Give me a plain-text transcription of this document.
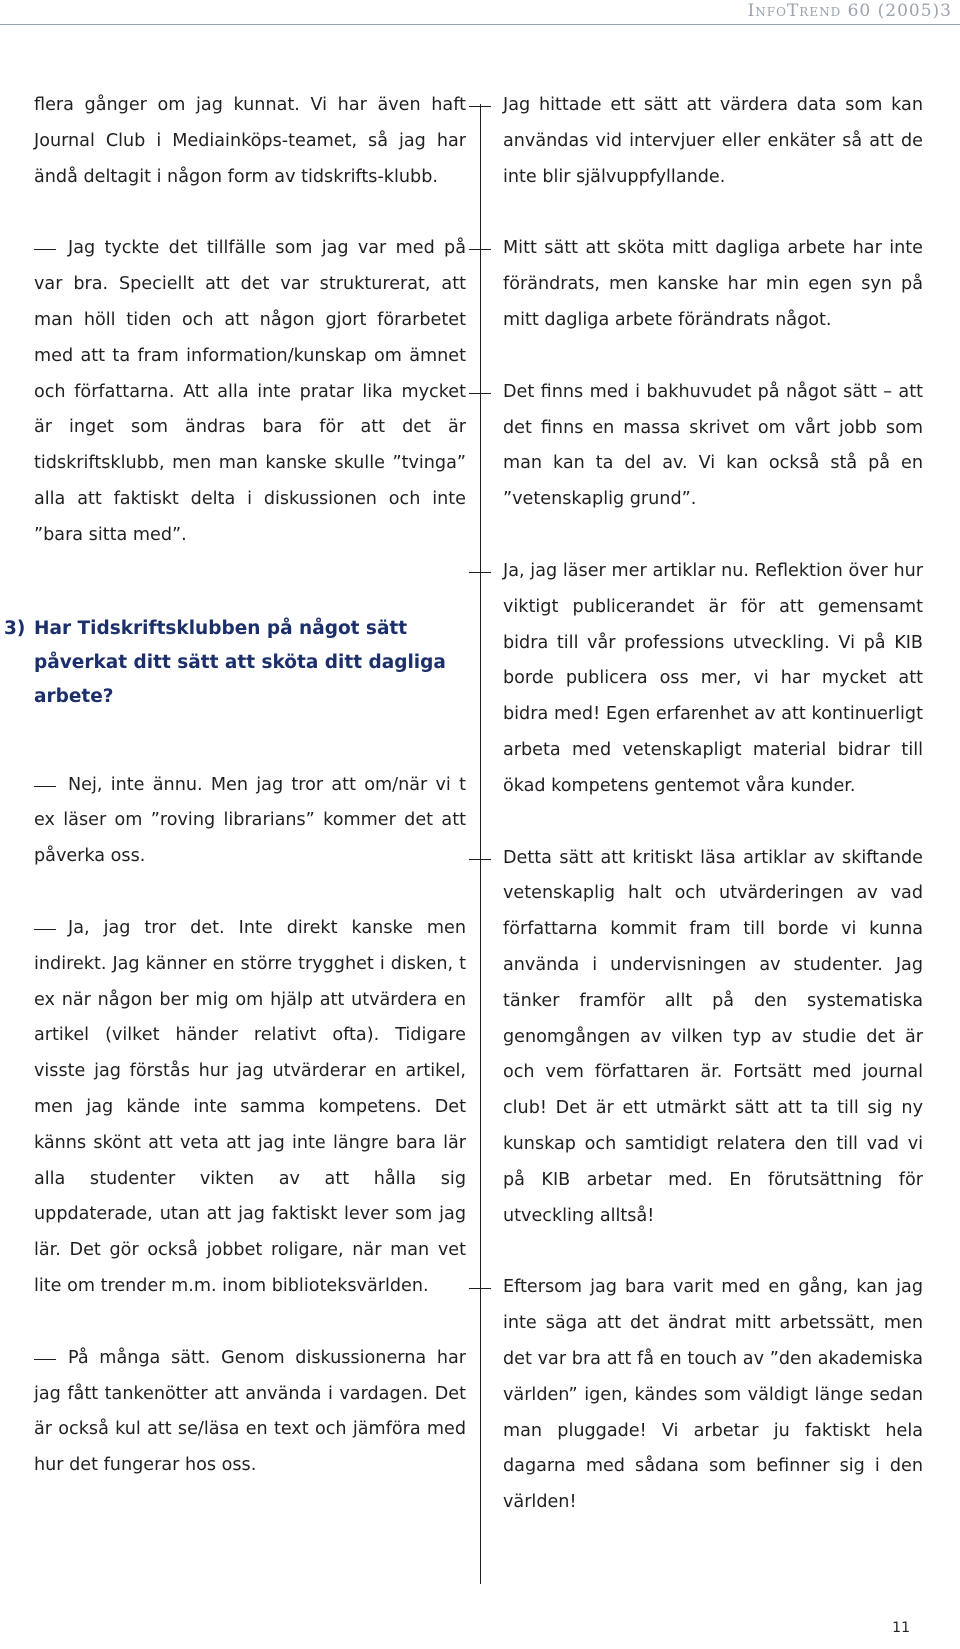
InfoTrend 60 (2005)3

flera gånger om jag kunnat. Vi har även haft Journal Club i Mediainköps-teamet, så jag har ändå deltagit i någon form av tidskrifts-klubb.

Jag tyckte det tillfälle som jag var med på var bra. Speciellt att det var strukturerat, att man höll tiden och att någon gjort förarbetet med att ta fram information/kunskap om ämnet och författarna. Att alla inte pratar lika mycket är inget som ändras bara för att det är tidskriftsklubb, men man kanske skulle ”tvinga” alla att faktiskt delta i diskussionen och inte ”bara sitta med”.
3) Har Tidskriftsklubben på något sätt påverkat ditt sätt att sköta ditt dagliga arbete?
Nej, inte ännu. Men jag tror att om/när vi t ex läser om ”roving librarians” kommer det att påverka oss.
Ja, jag tror det. Inte direkt kanske men indirekt. Jag känner en större trygghet i disken, t ex när någon ber mig om hjälp att utvärdera en artikel (vilket händer relativt ofta). Tidigare visste jag förstås hur jag utvärderar en artikel, men jag kände inte samma kompetens. Det känns skönt att veta att jag inte längre bara lär alla studenter vikten av att hålla sig uppdaterade, utan att jag faktiskt lever som jag lär. Det gör också jobbet roligare, när man vet lite om trender m.m. inom biblioteksvärlden.
På många sätt. Genom diskussionerna har jag fått tankenötter att använda i vardagen. Det är också kul att se/läsa en text och jämföra med hur det fungerar hos oss.
Jag hittade ett sätt att värdera data som kan användas vid intervjuer eller enkäter så att de inte blir självuppfyllande.
Mitt sätt att sköta mitt dagliga arbete har inte förändrats, men kanske har min egen syn på mitt dagliga arbete förändrats något.
Det finns med i bakhuvudet på något sätt – att det finns en massa skrivet om vårt jobb som man kan ta del av. Vi kan också stå på en ”vetenskaplig grund”.
Ja, jag läser mer artiklar nu. Reflektion över hur viktigt publicerandet är för att gemensamt bidra till vår professions utveckling. Vi på KIB borde publicera oss mer, vi har mycket att bidra med! Egen erfarenhet av att kontinuerligt arbeta med vetenskapligt material bidrar till ökad kompetens gentemot våra kunder.
Detta sätt att kritiskt läsa artiklar av skiftande vetenskaplig halt och utvärderingen av vad författarna kommit fram till borde vi kunna använda i undervisningen av studenter. Jag tänker framför allt på den systematiska genomgången av vilken typ av studie det är och vem författaren är. Fortsätt med journal club! Det är ett utmärkt sätt att ta till sig ny kunskap och samtidigt relatera den till vad vi på KIB arbetar med. En förutsättning för utveckling alltså!
Eftersom jag bara varit med en gång, kan jag inte säga att det ändrat mitt arbetssätt, men det var bra att få en touch av ”den akademiska världen” igen, kändes som väldigt länge sedan man pluggade! Vi arbetar ju faktiskt hela dagarna med sådana som befinner sig i den världen!
11
